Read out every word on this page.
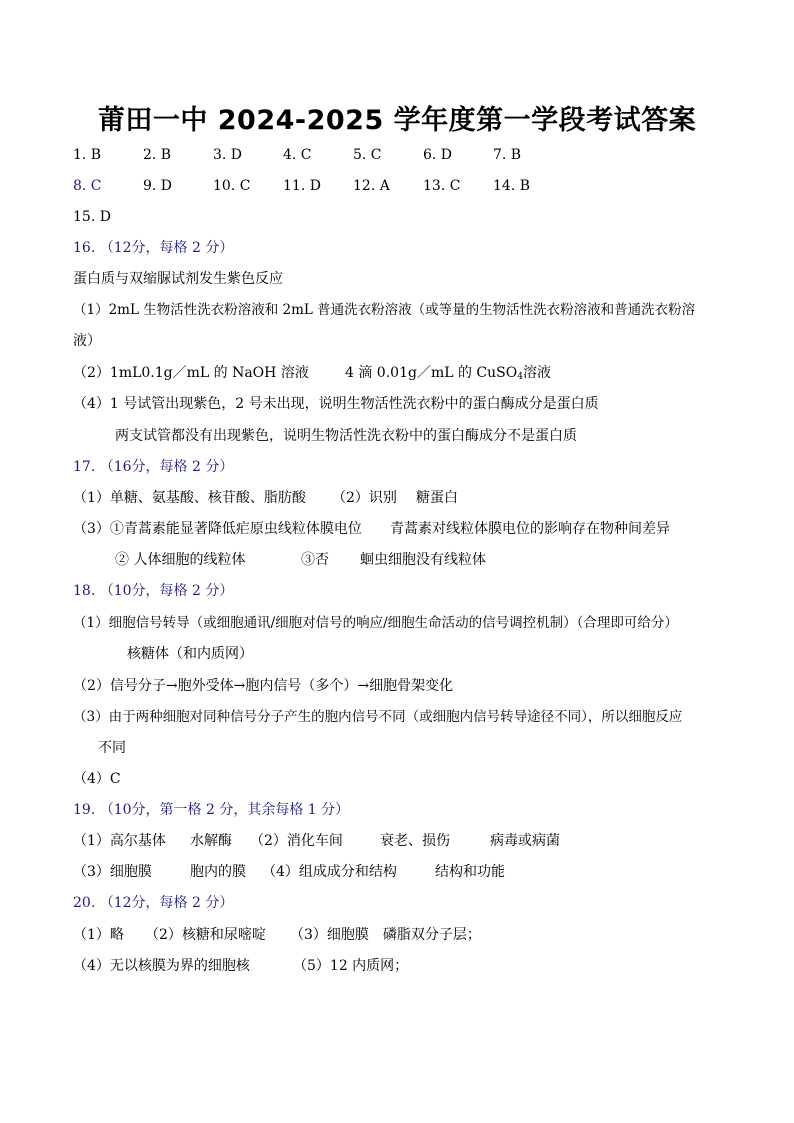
莆田一中 2024-2025 学年度第一学段考试答案
1. B	2. B	3. D	4. C	5. C	6. D	7. B
8. C	9. D	10. C 11. D 12. A 13. C 14. B
15. D
16. （12分，每格 2 分）
蛋白质与双缩脲试剂发生紫色反应
（1）2mL 生物活性洗衣粉溶液和 2mL 普通洗衣粉溶液（或等量的生物活性洗衣粉溶液和普通洗衣粉溶
液）
（2）1mL0.1g／mL 的 NaOH 溶液	4 滴 0.01g／mL 的 CuSO$_4$溶液
（4）1 号试管出现紫色，2 号未出现，说明生物活性洗衣粉中的蛋白酶成分是蛋白质
两支试管都没有出现紫色，说明生物活性洗衣粉中的蛋白酶成分不是蛋白质
17. （16分，每格 2 分）
（1）单糖、氨基酸、核苷酸、脂肪酸 （2）识别 糖蛋白
（3）①青蒿素能显著降低疟原虫线粒体膜电位 青蒿素对线粒体膜电位的影响存在物种间差异
② 人体细胞的线粒体	③否 蛔虫细胞没有线粒体
18. （10分，每格 2 分）
（1）细胞信号转导（或细胞通讯/细胞对信号的响应/细胞生命活动的信号调控机制）（合理即可给分）
核糖体（和内质网）
（2）信号分子→胞外受体→胞内信号（多个）→细胞骨架变化
（3）由于两种细胞对同种信号分子产生的胞内信号不同（或细胞内信号转导途径不同），所以细胞反应
不同
（4）C
19. （10分，第一格 2 分，其余每格 1 分）
（1）高尔基体 水解酶 （2）消化车间	衰老、损伤	病毒或病菌
（3）细胞膜	胞内的膜 （4）组成成分和结构	结构和功能
20. （12分，每格 2 分）
（1）略 （2）核糖和尿嘧啶 （3）细胞膜　磷脂双分子层；
（4）无以核膜为界的细胞核	（5）12 内质网；
